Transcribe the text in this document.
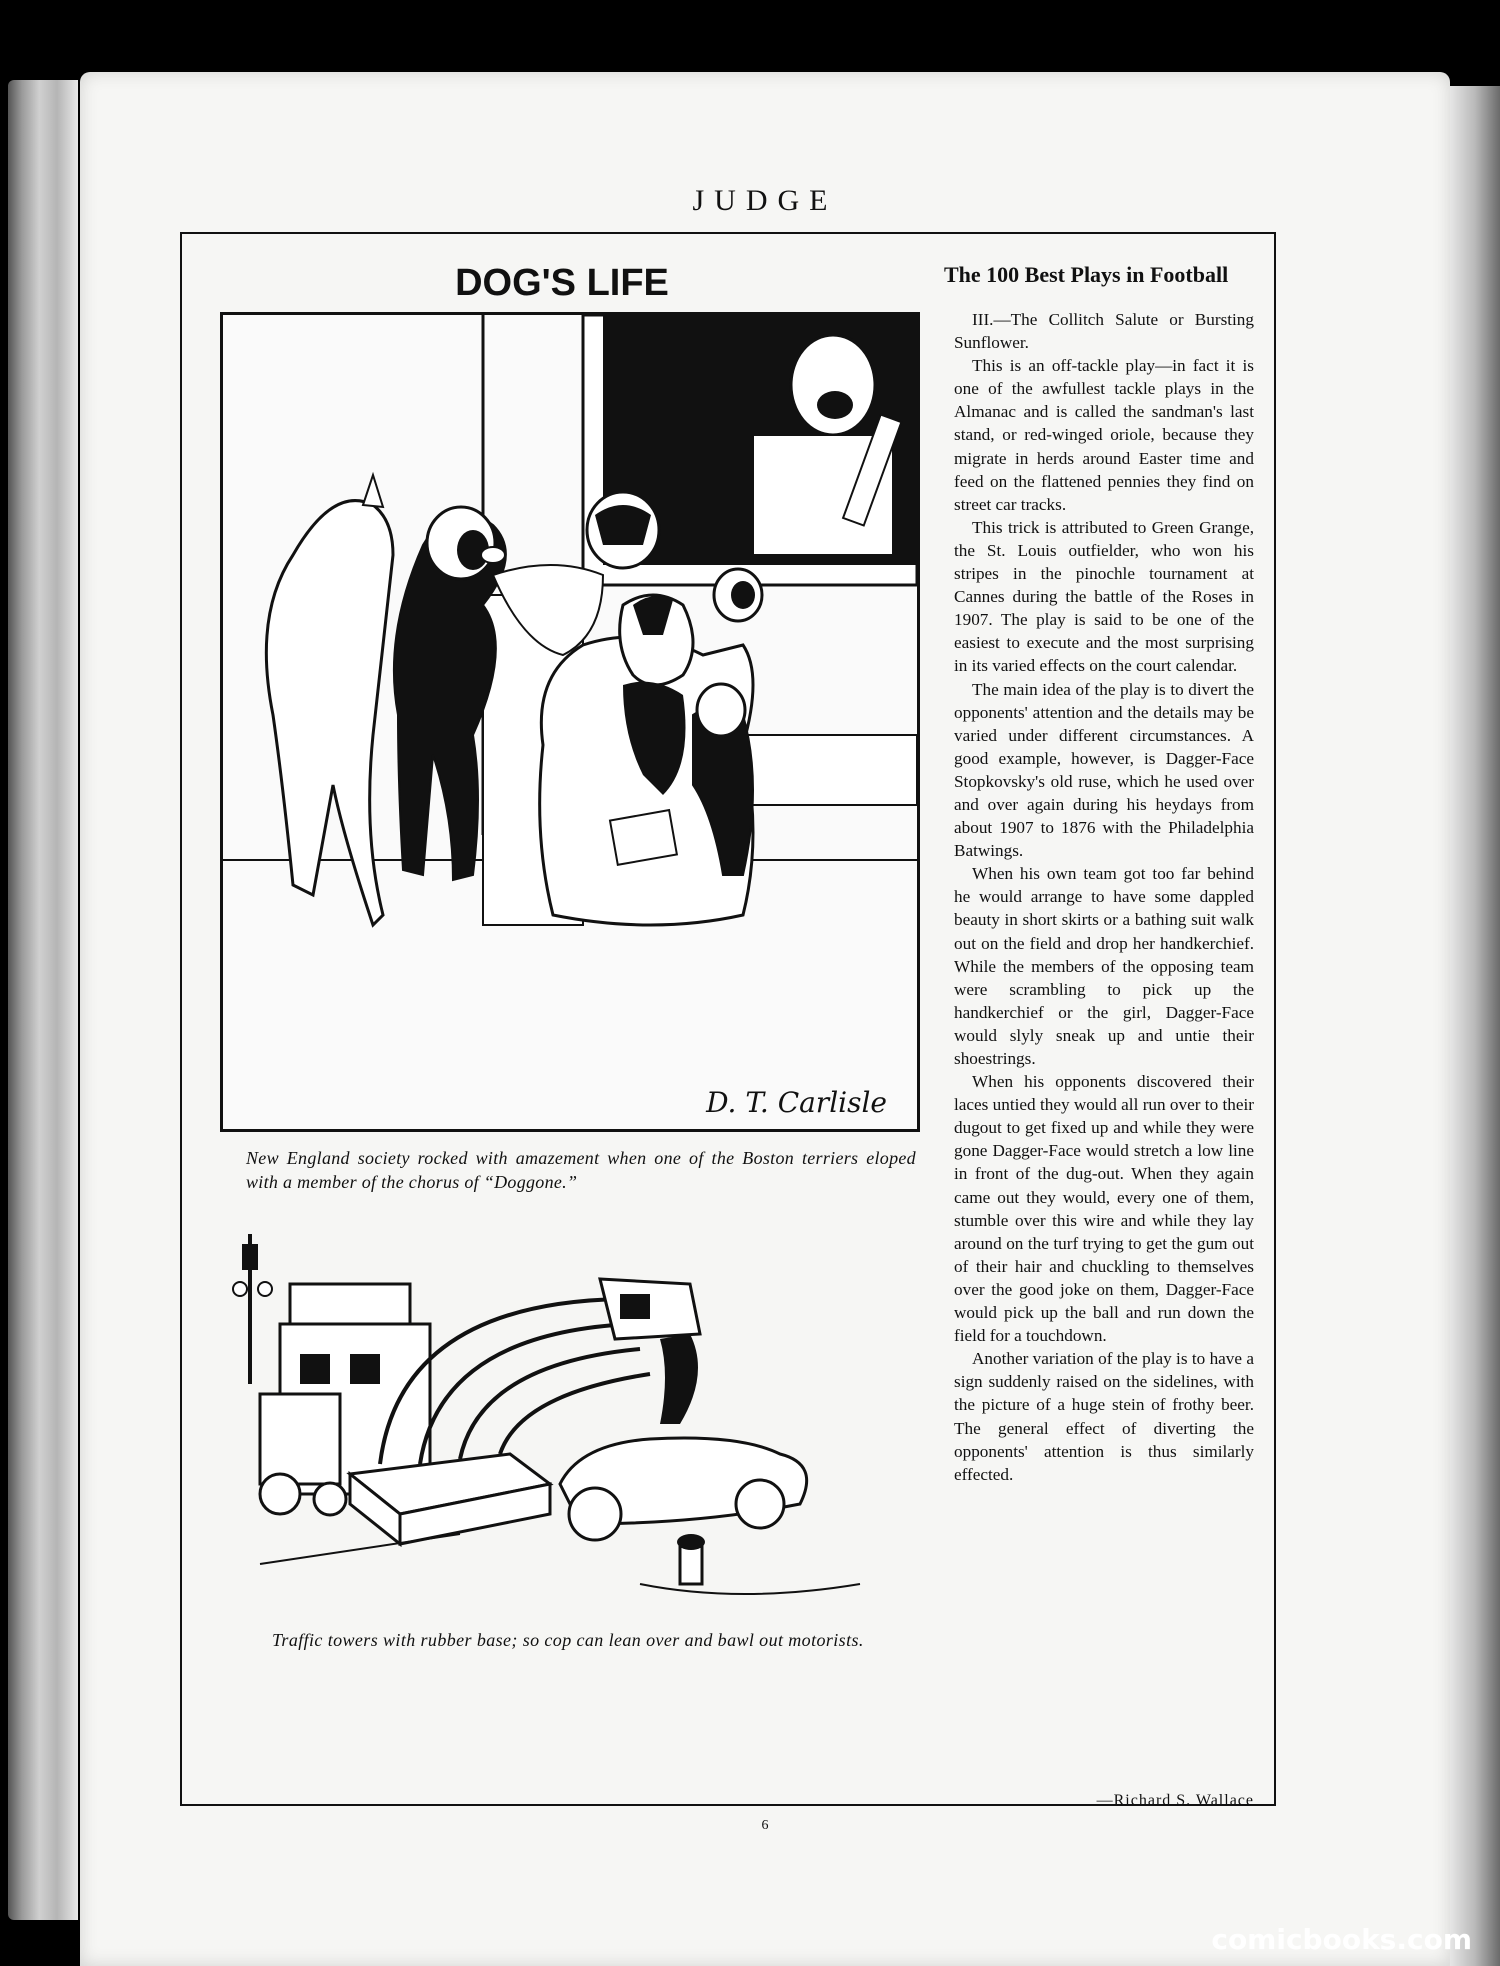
JUDGE
DOG'S LIFE
D. T. Carlisle
New England society rocked with amazement when one of the Boston terriers eloped with a member of the chorus of “Doggone.”
Traffic towers with rubber base; so cop can lean over and bawl out motorists.
The 100 Best Plays in Football

III.—The Collitch Salute or Bursting Sunflower.

This is an off-tackle play—in fact it is one of the awfullest tackle plays in the Almanac and is called the sandman's last stand, or red-winged oriole, because they migrate in herds around Easter time and feed on the flattened pennies they find on street car tracks.

This trick is attributed to Green Grange, the St. Louis outfielder, who won his stripes in the pinochle tournament at Cannes during the battle of the Roses in 1907. The play is said to be one of the easiest to execute and the most surprising in its varied effects on the court calendar.

The main idea of the play is to divert the opponents' attention and the details may be varied under different circumstances. A good example, however, is Dagger-Face Stopkovsky's old ruse, which he used over and over again during his heydays from about 1907 to 1876 with the Philadelphia Batwings.

When his own team got too far behind he would arrange to have some dappled beauty in short skirts or a bathing suit walk out on the field and drop her handkerchief. While the members of the opposing team were scrambling to pick up the handkerchief or the girl, Dagger-Face would slyly sneak up and untie their shoestrings.

When his opponents discovered their laces untied they would all run over to their dugout to get fixed up and while they were gone Dagger-Face would stretch a low line in front of the dug-out. When they again came out they would, every one of them, stumble over this wire and while they lay around on the turf trying to get the gum out of their hair and chuckling to themselves over the good joke on them, Dagger-Face would pick up the ball and run down the field for a touchdown.

Another variation of the play is to have a sign suddenly raised on the sidelines, with the picture of a huge stein of frothy beer. The general effect of diverting the opponents' attention is thus similarly effected.

—Richard S. Wallace
6
comicbooks.com
